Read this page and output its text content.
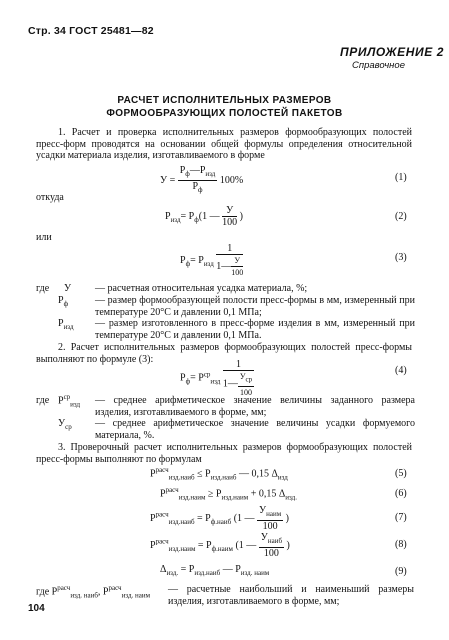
Стр. 34 ГОСТ 25481—82
ПРИЛОЖЕНИЕ 2
Справочное
РАСЧЕТ ИСПОЛНИТЕЛЬНЫХ РАЗМЕРОВ
ФОРМООБРАЗУЮЩИХ ПОЛОСТЕЙ ПАКЕТОВ
1. Расчет и проверка исполнительных размеров формообразующих полостей пресс-форм проводятся на основании общей формулы определения относительной усадки материала изделия, изготавливаемого в форме
$У = \frac{P_ф—P_{изд}}{P_ф} 100\%$	(1)
откуда
$P_{изд}= P_ф(1$ — $\frac{У}{100}$ )	(2)
или
$P_ф= P_{изд} \frac{1}{1— \frac{У}{100}}$	(3)
где У — расчетная относительная усадка материала, %;
$P_ф$	— размер формообразующей полости пресс-формы в мм, измеренный при температуре 20°С и давлении 0,1 МПа;
$P_{изд}$ — размер изготовленного в пресс-форме изделия в мм, измеренный при температуре 20°С и давлении 0,1 МПа.
2. Расчет исполнительных размеров формообразующих полостей пресс-формы выполняют по формуле (3):
$P_ф= P^{ср}_{изд} \frac{1}{1— \frac{У_{ср}}{100}}$	(4)
где $P^{ср}_{изд}$ — среднее арифметическое значение величины заданного размера изделия, изготавливаемого в форме, мм;
$У_{ср}$ — среднее арифметическое значение величины усадки формуемого материала, %.
3. Проверочный расчет исполнительных размеров формообразующих полостей пресс-формы выполняют по формулам
$P^{расч}_{изд.наиб} \le P_{изд.наиб}$ — 0,15 $\Delta_{изд}$	(5)
$P^{расч}_{изд.наим} \ge P_{изд.наим} + 0,15$ $\Delta_{изд.}$	(6)
$P^{расч}_{изд.наиб} = P_{ф.наиб}$ (1 — $\frac{У_{наим}}{100}$ )	(7)
$P^{расч}_{изд.наим} = P_{ф.наим}$ (1 — $\frac{У_{наиб}}{100}$ )	(8)
$\Delta_{изд.} = P_{изд.наиб}$ — $P_{изд. наим}$	(9)
где $P^{расч}_{изд. наиб}$, $P^{расч}_{изд. наим}$
— расчетные наибольший и наименьший размеры изделия, изготавливаемого в форме, мм;
104
